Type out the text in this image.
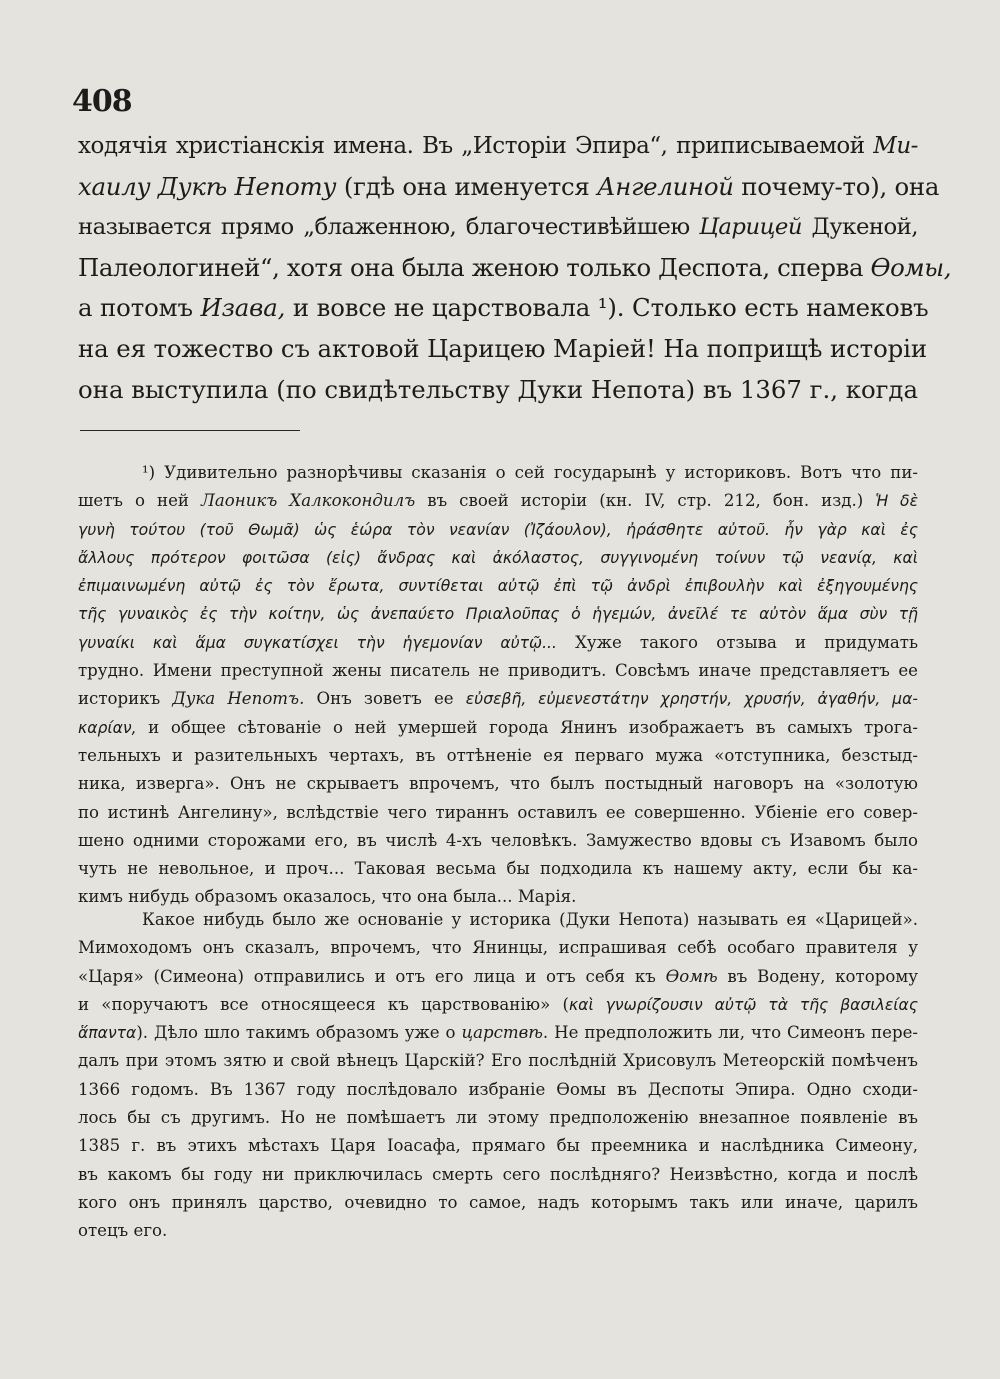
408
ходячія христіанскія имена. Въ „Исторіи Эпира“, приписываемой Ми-
хаилу Дукѣ Непоту (гдѣ она именуется Ангелиной почему-то), она
называется прямо „блаженною, благочестивѣйшею Царицей Дукеной,
Палеологиней“, хотя она была женою только Деспота, сперва Ѳомы,
а потомъ Изава, и вовсе не царствовала ¹). Столько есть намековъ
на ея тожество съ актовой Царицею Маріей! На поприщѣ исторіи
она выступила (по свидѣтельству Дуки Непота) въ 1367 г., когда
¹) Удивительно разнорѣчивы сказанія о сей государынѣ у историковъ. Вотъ что пи-
шетъ о ней Лаоникъ Халкокондилъ въ своей исторіи (кн. IV, стр. 212, бон. изд.) Ἡ δὲ
γυνὴ τούτου (τοῦ Θωμᾶ) ὡς ἑώρα τὸν νεανίαν (Ἰζάουλον), ἠράσθητε αὐτοῦ. ἦν γὰρ καὶ ἐς
ἄλλους πρότερον φοιτῶσα (εἰς) ἄνδρας καὶ ἀκόλαστος, συγγινομένη τοίνυν τῷ νεανίᾳ, καὶ
ἐπιμαινωμένη αὐτῷ ἐς τὸν ἔρωτα, συντίθεται αὐτῷ ἐπὶ τῷ ἀνδρὶ ἐπιβουλὴν καὶ ἐξηγουμένης
τῆς γυναικὸς ἐς τὴν κοίτην, ὡς ἀνεπαύετο Πριαλοῦπας ὁ ἡγεμών, ἀνεῖλέ τε αὐτὸν ἅμα σὺν τῇ
γυναίκι καὶ ἅμα συγκατίσχει τὴν ἡγεμονίαν αὐτῷ... Хуже такого отзыва и придумать
трудно. Имени преступной жены писатель не приводитъ. Совсѣмъ иначе представляетъ ее
историкъ Дука Непотъ. Онъ зоветъ ее εὐσεβῆ, εὐμενεστάτην χρηστήν, χρυσήν, ἀγαθήν, μα-
καρίαν, и общее сѣтованіе о ней умершей города Янинъ изображаетъ въ самыхъ трога-
тельныхъ и разительныхъ чертахъ, въ оттѣненіе ея перваго мужа «отступника, безстыд-
ника, изверга». Онъ не скрываетъ впрочемъ, что былъ постыдный наговоръ на «золотую
по истинѣ Ангелину», вслѣдствіе чего тираннъ оставилъ ее совершенно. Убіеніе его совер-
шено одними сторожами его, въ числѣ 4-хъ человѣкъ. Замужество вдовы съ Изавомъ было
чуть не невольное, и проч... Таковая весьма бы подходила къ нашему акту, если бы ка-
кимъ нибудь образомъ оказалось, что она была... Марія.
Какое нибудь было же основаніе у историка (Дуки Непота) называть ея «Царицей».
Мимоходомъ онъ сказалъ, впрочемъ, что Янинцы, испрашивая себѣ особаго правителя у
«Царя» (Симеона) отправились и отъ его лица и отъ себя къ Ѳомѣ въ Водену, которому
и «поручаютъ все относящееся къ царствованію» (καὶ γνωρίζουσιν αὐτῷ τὰ τῆς βασιλείας
ἅπαντα). Дѣло шло такимъ образомъ уже о царствѣ. Не предположить ли, что Симеонъ пере-
далъ при этомъ зятю и свой вѣнецъ Царскій? Его послѣдній Хрисовулъ Метеорскій помѣченъ
1366 годомъ. Въ 1367 году послѣдовало избраніе Ѳомы въ Деспоты Эпира. Одно сходи-
лось бы съ другимъ. Но не помѣшаетъ ли этому предположенію внезапное появленіе въ
1385 г. въ этихъ мѣстахъ Царя Іоасафа, прямаго бы преемника и наслѣдника Симеону,
въ какомъ бы году ни приключилась смерть сего послѣдняго? Неизвѣстно, когда и послѣ
кого онъ принялъ царство, очевидно то самое, надъ которымъ такъ или иначе, царилъ
отецъ его.
